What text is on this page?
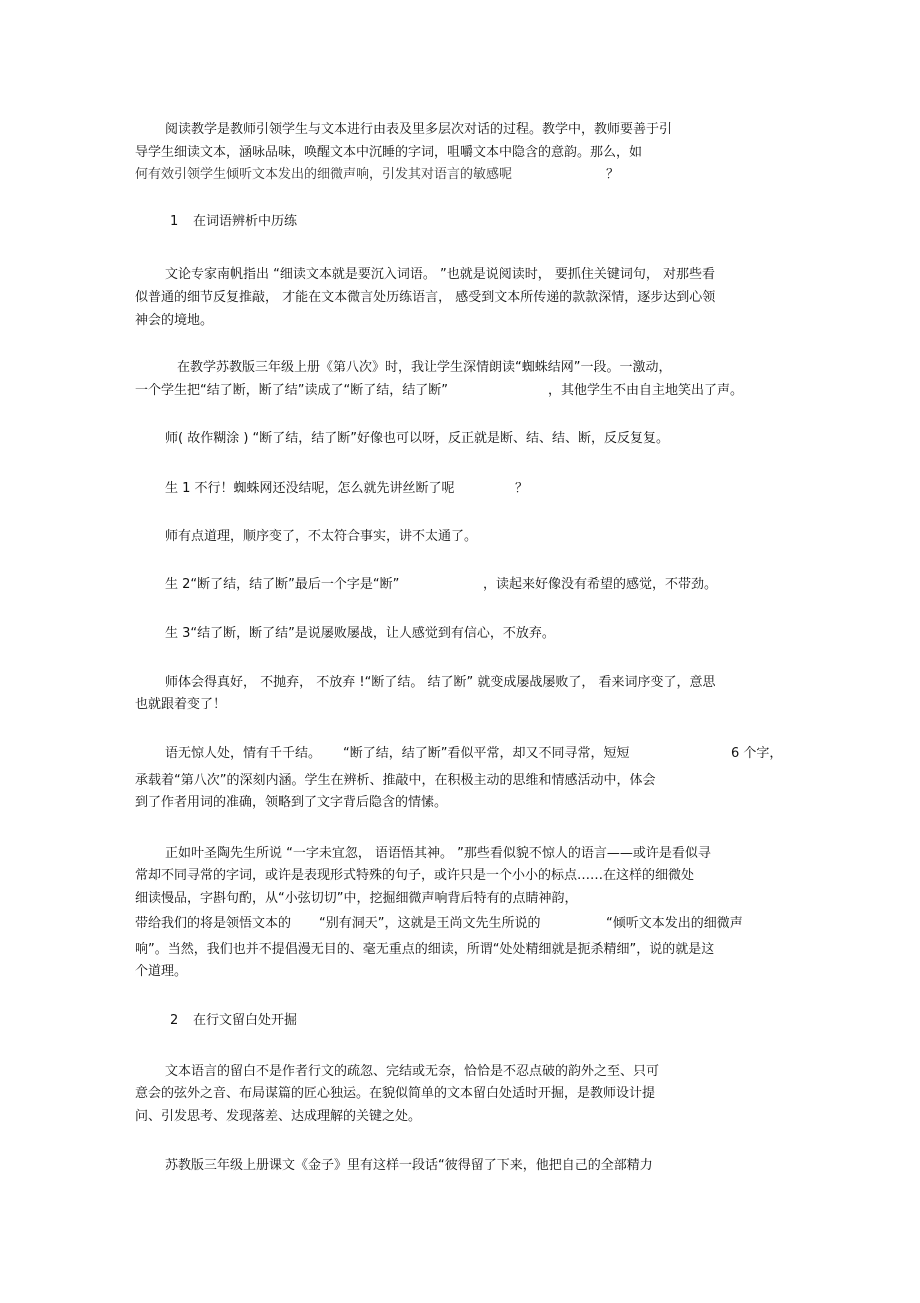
阅读教学是教师引领学生与文本进行由表及里多层次对话的过程。教学中，教师要善于引
导学生细读文本，涵咏品味，唤醒文本中沉睡的字词，咀嚼文本中隐含的意韵。那么，如
何有效引领学生倾听文本发出的细微声响，引发其对语言的敏感呢	？
1 在词语辨析中历练
文论专家南帆指出 “细读文本就是要沉入词语。 ”也就是说阅读时， 要抓住关键词句， 对那些看
似普通的细节反复推敲， 才能在文本微言处历练语言， 感受到文本所传递的款款深情，逐步达到心领
神会的境地。
在教学苏教版三年级上册《第八次》时，我让学生深情朗读“蜘蛛结网”一段。一激动，
一个学生把“结了断，断了结”读成了“断了结，结了断”	，其他学生不由自主地笑出了声。
师( 故作糊涂 ) “断了结，结了断”好像也可以呀，反正就是断、结、结、断，反反复复。
生 1 不行！蜘蛛网还没结呢，怎么就先讲丝断了呢	？
师有点道理，顺序变了，不太符合事实，讲不太通了。
生 2“断了结，结了断”最后一个字是“断”	，读起来好像没有希望的感觉，不带劲。
生 3“结了断，断了结”是说屡败屡战，让人感觉到有信心，不放弃。
师体会得真好， 不抛弃， 不放弃 !“断了结。 结了断” 就变成屡战屡败了， 看来词序变了，意思
也就跟着变了！
语无惊人处，情有千千结。 “断了结，结了断”看似平常，却又不同寻常，短短	6 个字，
承载着“第八次”的深刻内涵。学生在辨析、推敲中，在积极主动的思维和情感活动中，体会
到了作者用词的准确，领略到了文字背后隐含的情愫。
正如叶圣陶先生所说 “一字未宜忽， 语语悟其神。 ”那些看似貌不惊人的语言——或许是看似寻
常却不同寻常的字词，或许是表现形式特殊的句子，或许只是一个小小的标点……在这样的细微处
细读慢品，字斟句酌，从“小弦切切”中，挖掘细微声响背后特有的点睛神韵，
带给我们的将是领悟文本的 “别有洞天”，这就是王尚文先生所说的	“倾听文本发出的细微声
响”。当然，我们也并不提倡漫无目的、毫无重点的细读，所谓“处处精细就是扼杀精细”，说的就是这
个道理。
2 在行文留白处开掘
文本语言的留白不是作者行文的疏忽、完结或无奈，恰恰是不忍点破的韵外之至、只可
意会的弦外之音、布局谋篇的匠心独运。在貌似简单的文本留白处适时开掘，是教师设计提
问、引发思考、发现落差、达成理解的关键之处。
苏教版三年级上册课文《金子》里有这样一段话“彼得留了下来，他把自己的全部精力
